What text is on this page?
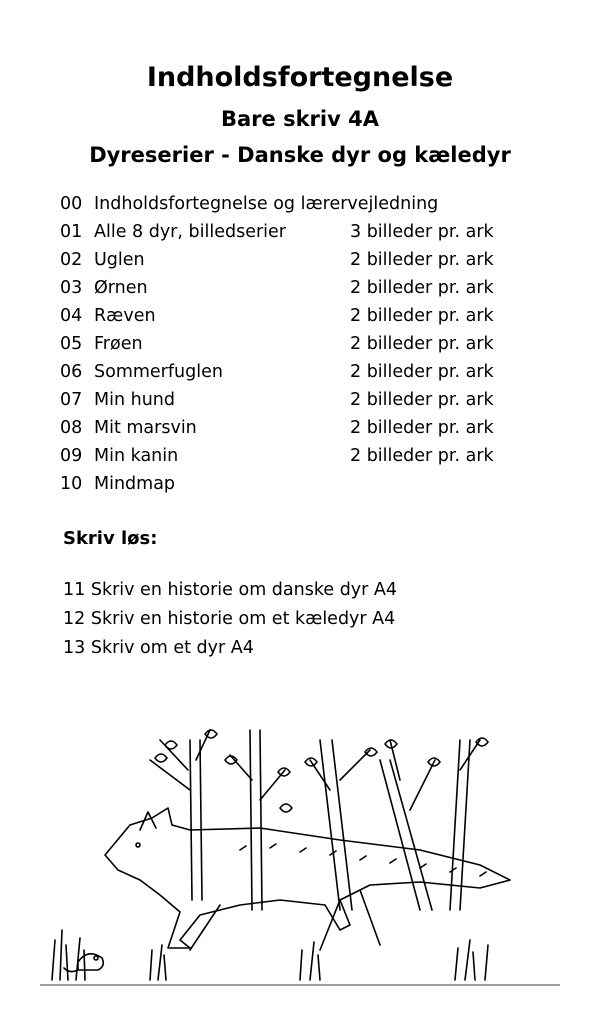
Indholdsfortegnelse
Bare skriv 4A
Dyreserier - Danske dyr og kæledyr
00 Indholdsfortegnelse og lærervejledning
01 Alle 8 dyr, billedserier	3 billeder pr. ark
02 Uglen	2 billeder pr. ark
03 Ørnen	2 billeder pr. ark
04 Ræven	2 billeder pr. ark
05 Frøen	2 billeder pr. ark
06 Sommerfuglen	2 billeder pr. ark
07 Min hund	2 billeder pr. ark
08 Mit marsvin	2 billeder pr. ark
09 Min kanin	2 billeder pr. ark
10 Mindmap
Skriv løs:
11 Skriv en historie om danske dyr A4
12 Skriv en historie om et kæledyr A4
13 Skriv om et dyr A4
